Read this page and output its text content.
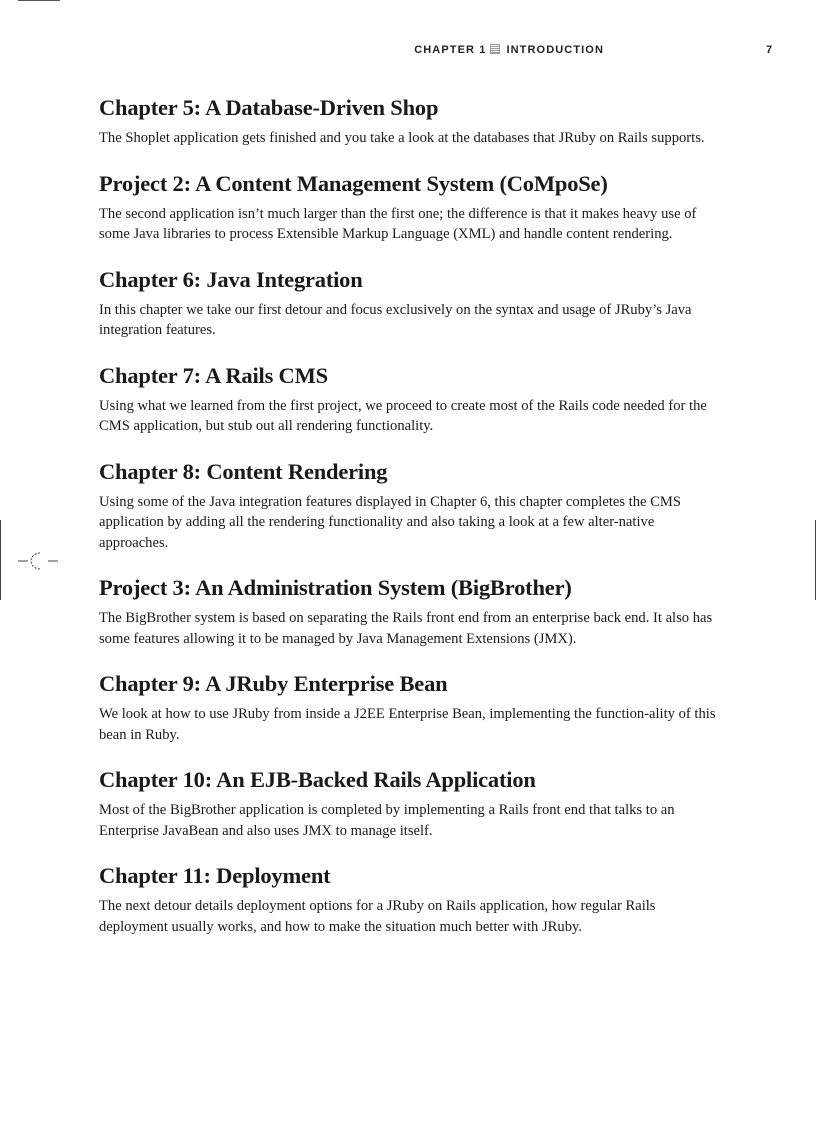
CHAPTER 1 INTRODUCTION	7
Chapter 5: A Database-Driven Shop

The Shoplet application gets finished and you take a look at the databases that JRuby on Rails supports.

Project 2: A Content Management System (CoMpoSe)

The second application isn’t much larger than the first one; the difference is that it makes heavy use of some Java libraries to process Extensible Markup Language (XML) and handle content rendering.

Chapter 6: Java Integration

In this chapter we take our first detour and focus exclusively on the syntax and usage of JRuby’s Java integration features.

Chapter 7: A Rails CMS

Using what we learned from the first project, we proceed to create most of the Rails code needed for the CMS application, but stub out all rendering functionality.

Chapter 8: Content Rendering

Using some of the Java integration features displayed in Chapter 6, this chapter completes the CMS application by adding all the rendering functionality and also taking a look at a few alter-native approaches.

Project 3: An Administration System (BigBrother)

The BigBrother system is based on separating the Rails front end from an enterprise back end. It also has some features allowing it to be managed by Java Management Extensions (JMX).

Chapter 9: A JRuby Enterprise Bean

We look at how to use JRuby from inside a J2EE Enterprise Bean, implementing the function-ality of this bean in Ruby.

Chapter 10: An EJB-Backed Rails Application

Most of the BigBrother application is completed by implementing a Rails front end that talks to an Enterprise JavaBean and also uses JMX to manage itself.

Chapter 11: Deployment

The next detour details deployment options for a JRuby on Rails application, how regular Rails deployment usually works, and how to make the situation much better with JRuby.
